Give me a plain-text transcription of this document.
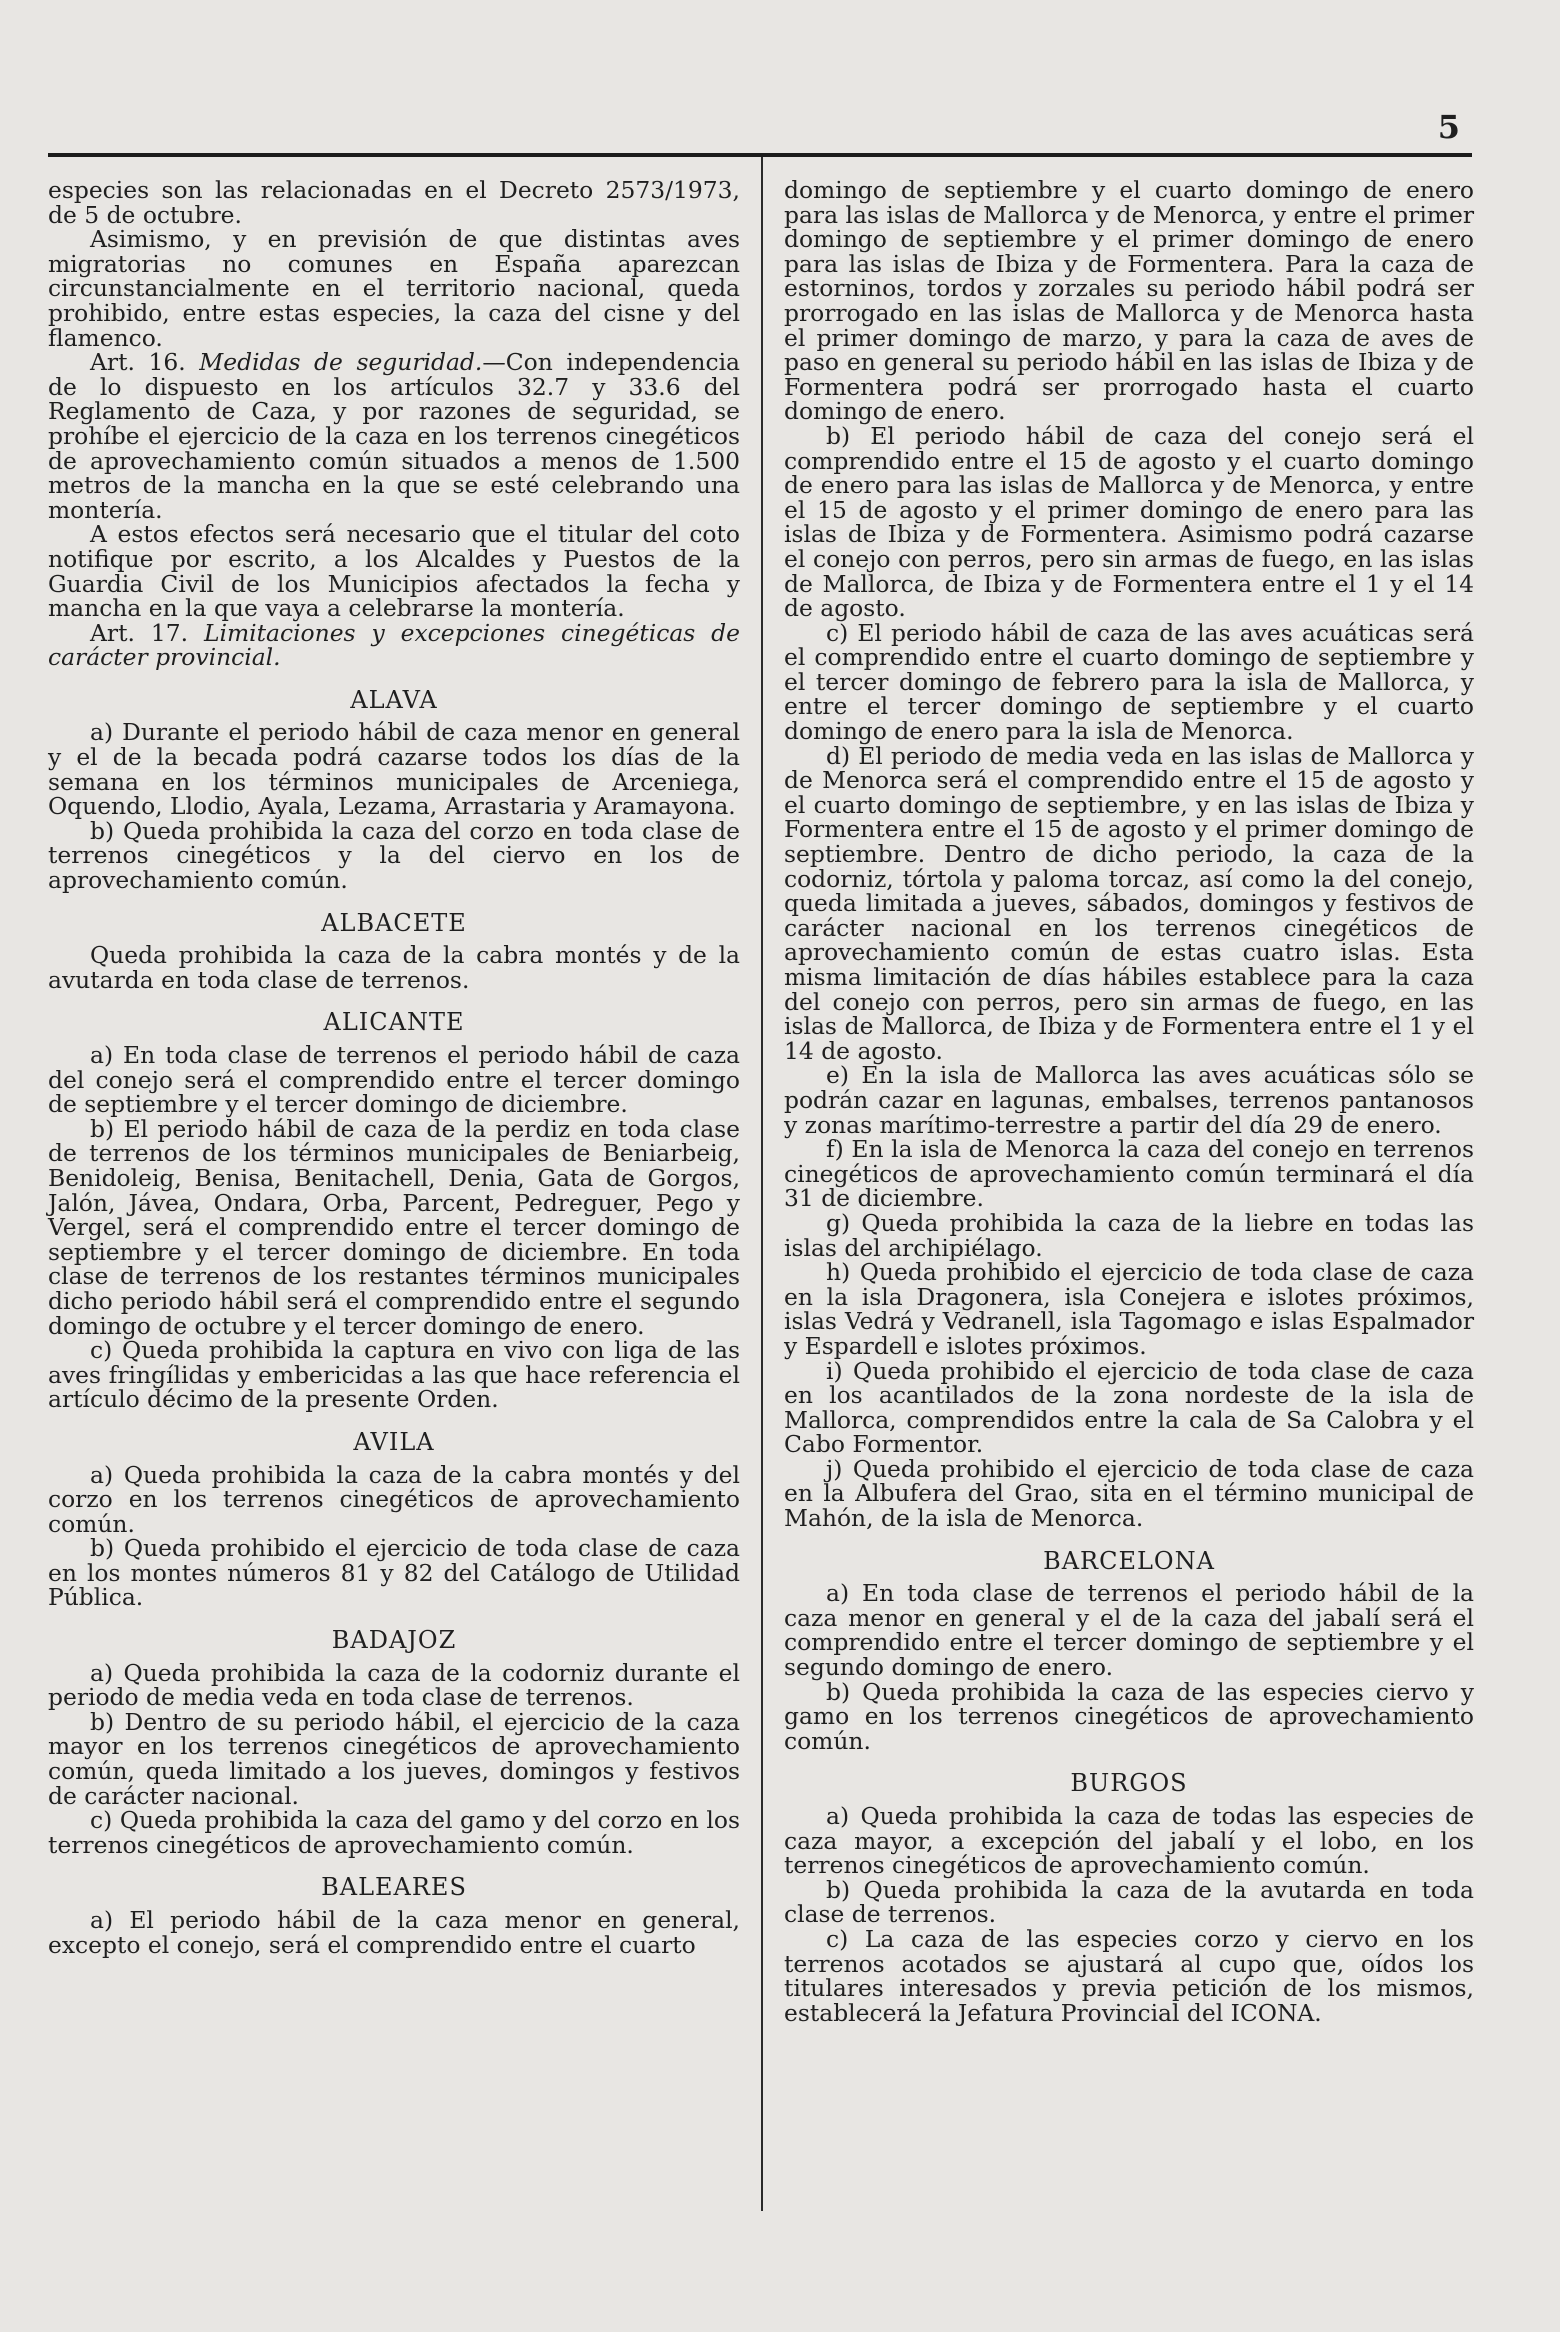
5

especies son las relacionadas en el Decreto 2573/1973, de 5 de octubre.

Asimismo, y en previsión de que distintas aves migratorias no comunes en España aparezcan circunstancialmente en el territorio nacional, queda prohibido, entre estas especies, la caza del cisne y del flamenco.

Art. 16. Medidas de seguridad.—Con independencia de lo dispuesto en los artículos 32.7 y 33.6 del Reglamento de Caza, y por razones de seguridad, se prohíbe el ejercicio de la caza en los terrenos cinegéticos de aprovechamiento común situados a menos de 1.500 metros de la mancha en la que se esté celebrando una montería.

A estos efectos será necesario que el titular del coto notifique por escrito, a los Alcaldes y Puestos de la Guardia Civil de los Municipios afectados la fecha y mancha en la que vaya a celebrarse la montería.

Art. 17. Limitaciones y excepciones cinegéticas de carácter provincial.

ALAVA

a) Durante el periodo hábil de caza menor en general y el de la becada podrá cazarse todos los días de la semana en los términos municipales de Arceniega, Oquendo, Llodio, Ayala, Lezama, Arrastaria y Aramayona.

b) Queda prohibida la caza del corzo en toda clase de terrenos cinegéticos y la del ciervo en los de aprovechamiento común.

ALBACETE

Queda prohibida la caza de la cabra montés y de la avutarda en toda clase de terrenos.

ALICANTE

a) En toda clase de terrenos el periodo hábil de caza del conejo será el comprendido entre el tercer domingo de septiembre y el tercer domingo de diciembre.

b) El periodo hábil de caza de la perdiz en toda clase de terrenos de los términos municipales de Beniarbeig, Benidoleig, Benisa, Benitachell, Denia, Gata de Gorgos, Jalón, Jávea, Ondara, Orba, Parcent, Pedreguer, Pego y Vergel, será el comprendido entre el tercer domingo de septiembre y el tercer domingo de diciembre. En toda clase de terrenos de los restantes términos municipales dicho periodo hábil será el comprendido entre el segundo domingo de octubre y el tercer domingo de enero.

c) Queda prohibida la captura en vivo con liga de las aves fringílidas y embericidas a las que hace referencia el artículo décimo de la presente Orden.

AVILA

a) Queda prohibida la caza de la cabra montés y del corzo en los terrenos cinegéticos de aprovechamiento común.

b) Queda prohibido el ejercicio de toda clase de caza en los montes números 81 y 82 del Catálogo de Utilidad Pública.

BADAJOZ

a) Queda prohibida la caza de la codorniz durante el periodo de media veda en toda clase de terrenos.

b) Dentro de su periodo hábil, el ejercicio de la caza mayor en los terrenos cinegéticos de aprovechamiento común, queda limitado a los jueves, domingos y festivos de carácter nacional.

c) Queda prohibida la caza del gamo y del corzo en los terrenos cinegéticos de aprovechamiento común.

BALEARES

a) El periodo hábil de la caza menor en general, excepto el conejo, será el comprendido entre el cuarto

domingo de septiembre y el cuarto domingo de enero para las islas de Mallorca y de Menorca, y entre el primer domingo de septiembre y el primer domingo de enero para las islas de Ibiza y de Formentera. Para la caza de estorninos, tordos y zorzales su periodo hábil podrá ser prorrogado en las islas de Mallorca y de Menorca hasta el primer domingo de marzo, y para la caza de aves de paso en general su periodo hábil en las islas de Ibiza y de Formentera podrá ser prorrogado hasta el cuarto domingo de enero.

b) El periodo hábil de caza del conejo será el comprendido entre el 15 de agosto y el cuarto domingo de enero para las islas de Mallorca y de Menorca, y entre el 15 de agosto y el primer domingo de enero para las islas de Ibiza y de Formentera. Asimismo podrá cazarse el conejo con perros, pero sin armas de fuego, en las islas de Mallorca, de Ibiza y de Formentera entre el 1 y el 14 de agosto.

c) El periodo hábil de caza de las aves acuáticas será el comprendido entre el cuarto domingo de septiembre y el tercer domingo de febrero para la isla de Mallorca, y entre el tercer domingo de septiembre y el cuarto domingo de enero para la isla de Menorca.

d) El periodo de media veda en las islas de Mallorca y de Menorca será el comprendido entre el 15 de agosto y el cuarto domingo de septiembre, y en las islas de Ibiza y Formentera entre el 15 de agosto y el primer domingo de septiembre. Dentro de dicho periodo, la caza de la codorniz, tórtola y paloma torcaz, así como la del conejo, queda limitada a jueves, sábados, domingos y festivos de carácter nacional en los terrenos cinegéticos de aprovechamiento común de estas cuatro islas. Esta misma limitación de días hábiles establece para la caza del conejo con perros, pero sin armas de fuego, en las islas de Mallorca, de Ibiza y de Formentera entre el 1 y el 14 de agosto.

e) En la isla de Mallorca las aves acuáticas sólo se podrán cazar en lagunas, embalses, terrenos pantanosos y zonas marítimo-terrestre a partir del día 29 de enero.

f) En la isla de Menorca la caza del conejo en terrenos cinegéticos de aprovechamiento común terminará el día 31 de diciembre.

g) Queda prohibida la caza de la liebre en todas las islas del archipiélago.

h) Queda prohibido el ejercicio de toda clase de caza en la isla Dragonera, isla Conejera e islotes próximos, islas Vedrá y Vedranell, isla Tagomago e islas Espalmador y Espardell e islotes próximos.

i) Queda prohibido el ejercicio de toda clase de caza en los acantilados de la zona nordeste de la isla de Mallorca, comprendidos entre la cala de Sa Calobra y el Cabo Formentor.

j) Queda prohibido el ejercicio de toda clase de caza en la Albufera del Grao, sita en el término municipal de Mahón, de la isla de Menorca.

BARCELONA

a) En toda clase de terrenos el periodo hábil de la caza menor en general y el de la caza del jabalí será el comprendido entre el tercer domingo de septiembre y el segundo domingo de enero.

b) Queda prohibida la caza de las especies ciervo y gamo en los terrenos cinegéticos de aprovechamiento común.

BURGOS

a) Queda prohibida la caza de todas las especies de caza mayor, a excepción del jabalí y el lobo, en los terrenos cinegéticos de aprovechamiento común.

b) Queda prohibida la caza de la avutarda en toda clase de terrenos.

c) La caza de las especies corzo y ciervo en los terrenos acotados se ajustará al cupo que, oídos los titulares interesados y previa petición de los mismos, establecerá la Jefatura Provincial del ICONA.
